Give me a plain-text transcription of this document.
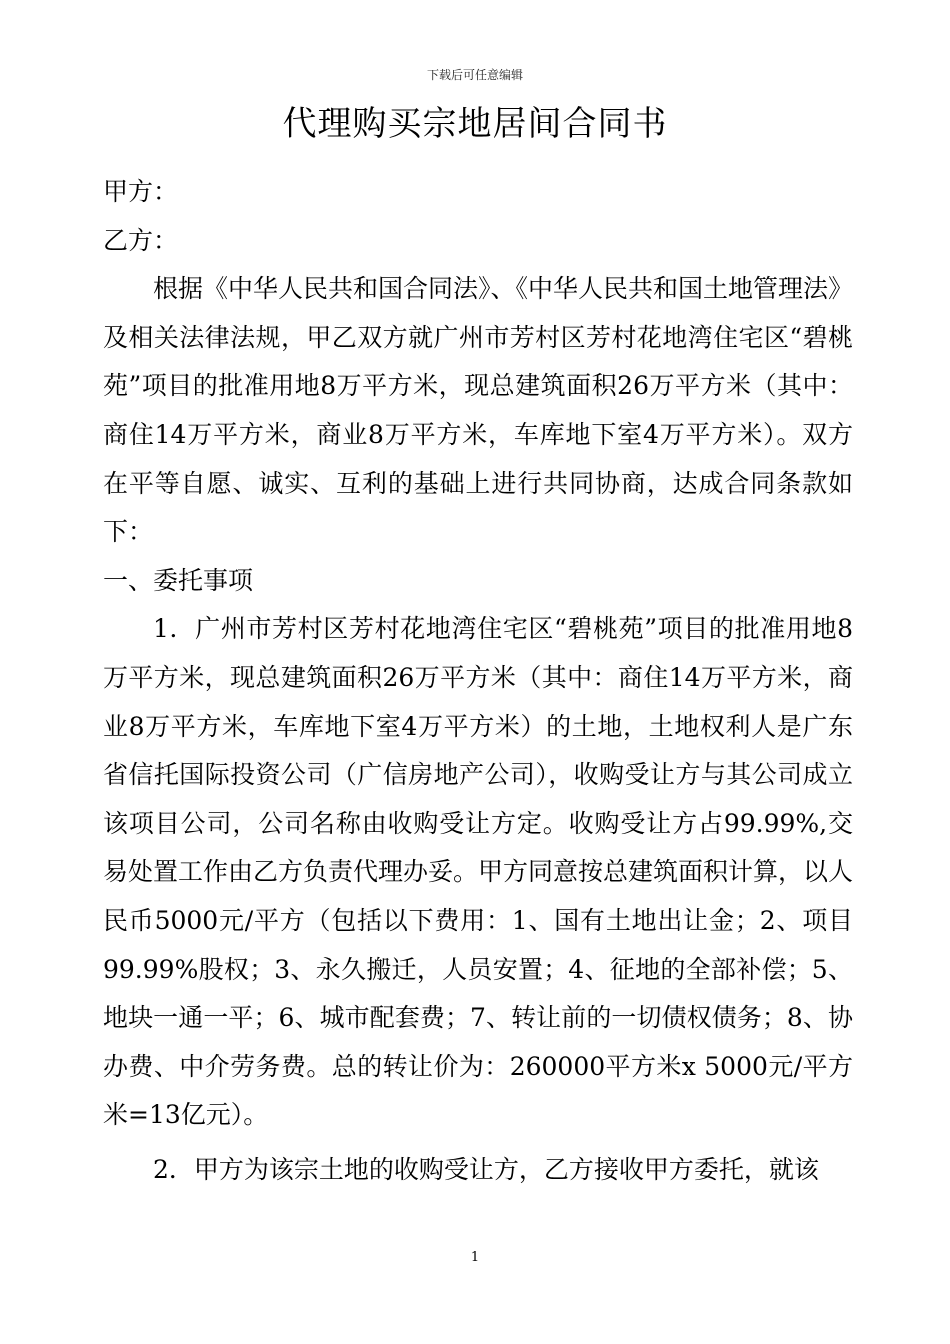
下载后可任意编辑
代理购买宗地居间合同书

甲方：

乙方：

根据《中华人民共和国合同法》、《中华人民共和国土地管理法》及相关法律法规，甲乙双方就广州市芳村区芳村花地湾住宅区“碧桃苑”项目的批准用地8万平方米，现总建筑面积26万平方米（其中：商住14万平方米，商业8万平方米，车库地下室4万平方米）。双方在平等自愿、诚实、互利的基础上进行共同协商，达成合同条款如下：

一、委托事项

1．广州市芳村区芳村花地湾住宅区“碧桃苑”项目的批准用地8万平方米，现总建筑面积26万平方米（其中：商住14万平方米，商业8万平方米，车库地下室4万平方米）的土地，土地权利人是广东省信托国际投资公司（广信房地产公司），收购受让方与其公司成立该项目公司，公司名称由收购受让方定。收购受让方占99.99%,交易处置工作由乙方负责代理办妥。甲方同意按总建筑面积计算，以人民币5000元/平方（包括以下费用：1、国有土地出让金；2、项目99.99%股权；3、永久搬迁，人员安置；4、征地的全部补偿；5、地块一通一平；6、城市配套费；7、转让前的一切债权债务；8、协办费、中介劳务费。总的转让价为：260000平方米x 5000元/平方米=13亿元）。

2．甲方为该宗土地的收购受让方，乙方接收甲方委托，就该

1
